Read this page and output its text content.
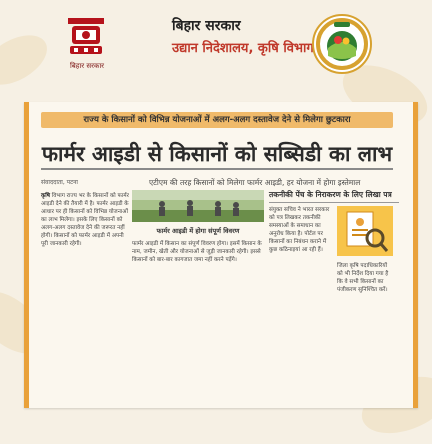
बिहार सरकार
बिहार सरकार
उद्यान निदेशालय, कृषि विभाग
राज्य के किसानों को विभिन्न योजनाओं में अलग-अलग दस्तावेज देने से मिलेगा छुटकारा
फार्मर आइडी से किसानों को सब्सिडी का लाभ
संवाददाता, पटना	एटीएम की तरह किसानों को मिलेगा फार्मर आइडी, हर योजना में होगा इस्तेमाल
कृषि विभाग राज्य भर के किसानों को फार्मर आइडी देने की तैयारी में है। फार्मर आइडी के आधार पर ही किसानों को विभिन्न योजनाओं का लाभ मिलेगा। इसके लिए किसानों को अलग-अलग दस्तावेज देने की जरूरत नहीं होगी। किसानों को फार्मर आइडी में अपनी पूरी जानकारी रहेगी।
फार्मर आइडी में होगा संपूर्ण विवरण
फार्मर आइडी में किसान का संपूर्ण विवरण होगा। इसमें किसान के नाम, जमीन, खेती और योजनाओं से जुड़ी जानकारी रहेगी। इससे किसानों को बार-बार कागजात जमा नहीं करने पड़ेंगे।
तकनीकी पेंच के निराकरण के लिए लिखा पत्र
संयुक्त सचिव ने भारत सरकार को पत्र लिखकर तकनीकी समस्याओं के समाधान का अनुरोध किया है। पोर्टल पर किसानों का निबंधन कराने में कुछ कठिनाइयां आ रही हैं।
जिला कृषि पदाधिकारियों को भी निर्देश दिया गया है कि वे सभी किसानों का पंजीकरण सुनिश्चित करें।
